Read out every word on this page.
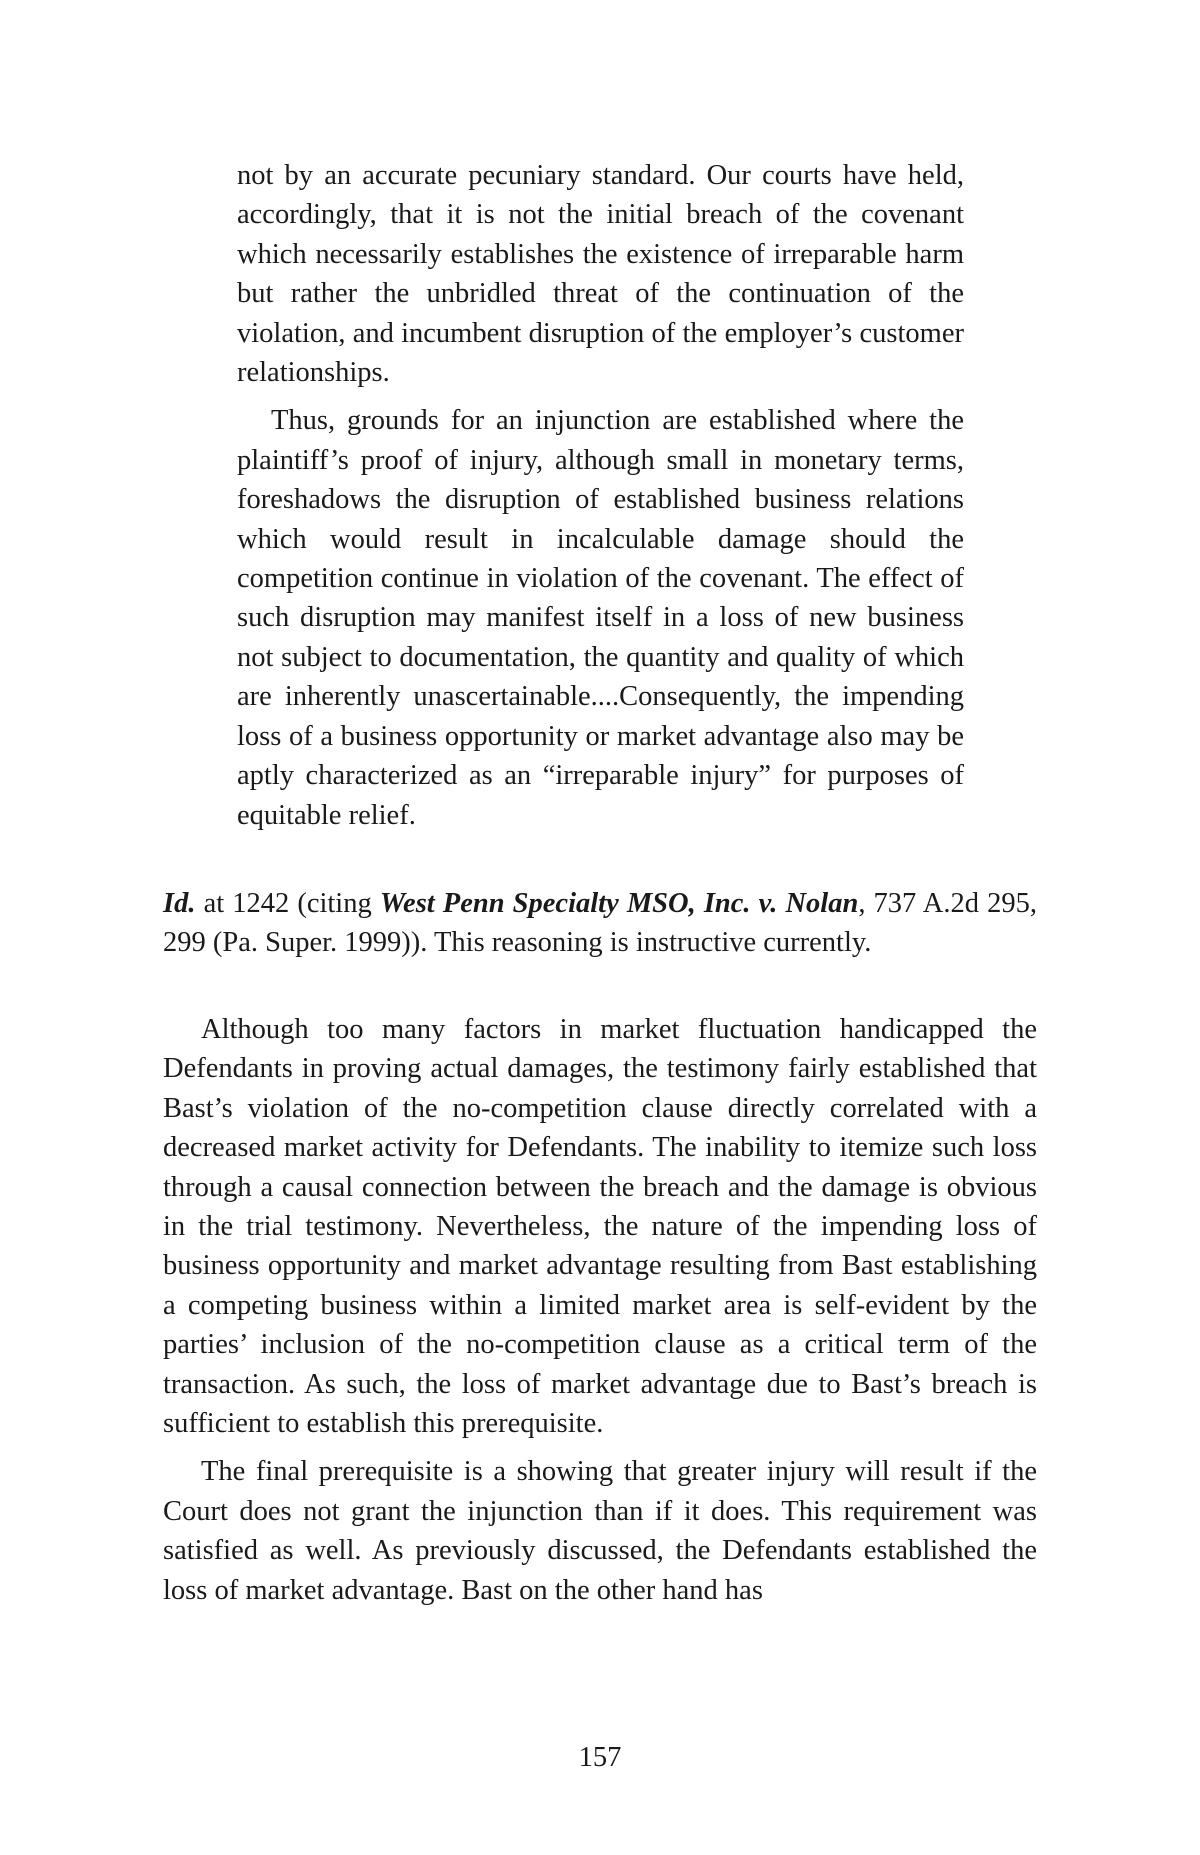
not by an accurate pecuniary standard. Our courts have held, accordingly, that it is not the initial breach of the covenant which necessarily establishes the existence of irreparable harm but rather the unbridled threat of the continuation of the violation, and incumbent disruption of the employer’s customer relationships.

Thus, grounds for an injunction are established where the plaintiff’s proof of injury, although small in monetary terms, foreshadows the disruption of established business relations which would result in incalculable damage should the competition continue in violation of the covenant. The effect of such disruption may manifest itself in a loss of new business not subject to documentation, the quantity and quality of which are inherently unascertainable....Consequently, the impending loss of a business opportunity or market advantage also may be aptly characterized as an “irreparable injury” for purposes of equitable relief.

Id. at 1242 (citing West Penn Specialty MSO, Inc. v. Nolan, 737 A.2d 295, 299 (Pa. Super. 1999)). This reasoning is instructive currently.

Although too many factors in market fluctuation handicapped the Defendants in proving actual damages, the testimony fairly established that Bast’s violation of the no-competition clause directly correlated with a decreased market activity for Defendants. The inability to itemize such loss through a causal connection between the breach and the damage is obvious in the trial testimony. Nevertheless, the nature of the impending loss of business opportunity and market advantage resulting from Bast establishing a competing business within a limited market area is self-evident by the parties’ inclusion of the no-competition clause as a critical term of the transaction. As such, the loss of market advantage due to Bast’s breach is sufficient to establish this prerequisite.

The final prerequisite is a showing that greater injury will result if the Court does not grant the injunction than if it does. This requirement was satisfied as well. As previously discussed, the Defendants established the loss of market advantage. Bast on the other hand has

157
